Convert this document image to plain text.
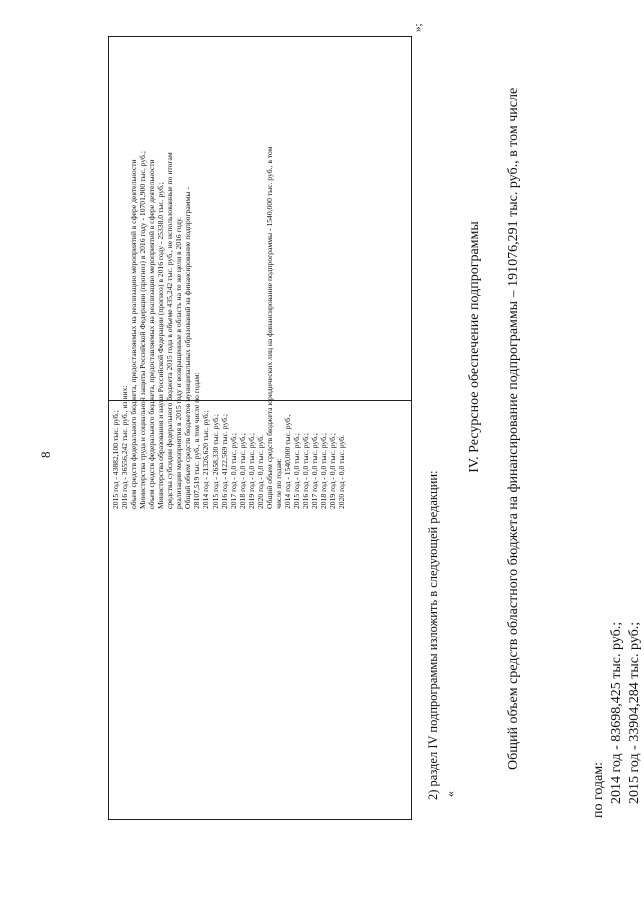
8	2015 год - 43882,100 тыс. руб.; 2016 год - 36556,242 тыс. руб., из них: объем средств федерального бюджета, предоставляемых на реализацию мероприятий в сфере деятельности Министерства труда и социальной защиты Российской Федерации (прогноз) в 2016 году - 10701,900 тыс. руб.; объем средств федерального бюджета, предоставляемых на реализацию мероприятий в сфере деятельности Министерства образования и науки Российской Федерации (прогноз) в 2016 году - 25338,0 тыс. руб.; средства субсидии федерального бюджета 2015 года в объеме 435,242 тыс. руб., не использованные по итогам реализации мероприятия в 2015 году и возвращенные в область на те же цели в 2016 году. Общий объем средств бюджетов муниципальных образований на финансирование подпрограммы - 28107,519 тыс. руб., в том числе по годам: 2014 год - 21326,620 тыс. руб.; 2015 год - 2658,330 тыс. руб.; 2016 год - 4122,569 тыс. руб.; 2017 год - 0,0 тыс. руб.; 2018 год - 0,0 тыс. руб.; 2019 год - 0,0 тыс. руб.; 2020 год - 0,0 тыс. руб. Общий объем средств бюджета юридических лиц на финансирование подпрограммы - 1540,000 тыс. руб., в том числе по годам: 2014 год - 1540,000 тыс. руб., 2015 год - 0,0 тыс. руб.; 2016 год - 0,0 тыс. руб.; 2017 год - 0,0 тыс. руб.; 2018 год - 0,0 тыс. руб.; 2019 год - 0,0 тыс. руб.; 2020 год - 0,0 тыс. руб.
»;
2) раздел IV подпрограммы изложить в следующей редакции: «
IV. Ресурсное обеспечение подпрограммы Общий объем средств областного бюджета на финансирование подпрограммы – 191076,291 тыс. руб., в том числе
по годам: 2014 год - 83698,425 тыс. руб.; 2015 год - 33904,284 тыс. руб.;
